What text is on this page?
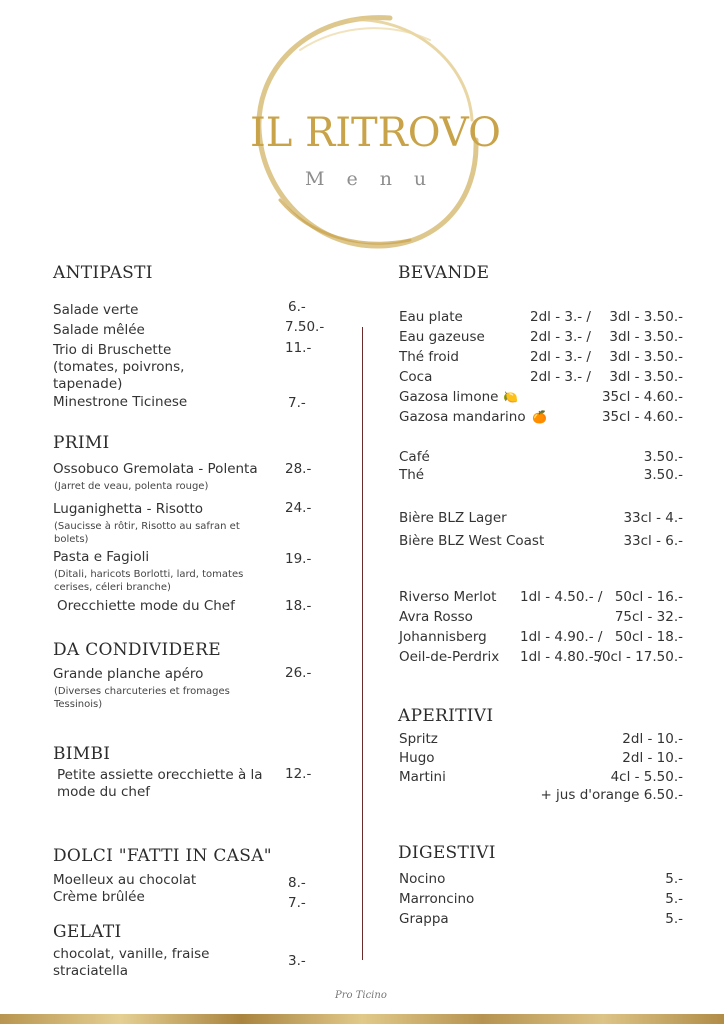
IL RITROVO
Menu
ANTIPASTI
Salade verte	6.-
Salade mêlée	7.50.-
Trio di Bruschette
(tomates, poivrons,
tapenade)
11.-
Minestrone Ticinese	7.-
PRIMI
Ossobuco Gremolata - Polenta
(Jarret de veau, polenta rouge)
28.-
Luganighetta - Risotto
(Saucisse à rôtir, Risotto au safran et
bolets)
24.-
Pasta e Fagioli
(Ditali, haricots Borlotti, lard, tomates
cerises, céleri branche)
19.-
Orecchiette mode du Chef	18.-
DA CONDIVIDERE
Grande planche apéro
(Diverses charcuteries et fromages
Tessinois)
26.-
BIMBI
Petite assiette orecchiette à la
mode du chef
12.-
DOLCI "FATTI IN CASA"
Moelleux au chocolat	8.-
Crème brûlée	7.-
GELATI
chocolat, vanille, fraise
straciatella
3.-
BEVANDE
Eau plate	2dl - 3.- / 3dl - 3.50.-
Eau gazeuse	2dl - 3.- / 3dl - 3.50.-
Thé froid	2dl - 3.- / 3dl - 3.50.-
Coca	2dl - 3.- / 3dl - 3.50.-
Gazosa limone 🍋	35cl - 4.60.-
Gazosa mandarino 🍊	35cl - 4.60.-
Café	3.50.-
Thé	3.50.-
Bière BLZ Lager	33cl - 4.-
Bière BLZ West Coast	33cl - 6.-
Riverso Merlot 1dl - 4.50.- / 50cl - 16.-
Avra Rosso	75cl - 32.-
Johannisberg 1dl - 4.90.- / 50cl - 18.-
Oeil-de-Perdrix 1dl - 4.80.- /
50cl - 17.50.-
APERITIVI
Spritz	2dl - 10.-
Hugo	2dl - 10.-
Martini	4cl - 5.50.-
+ jus d'orange 6.50.-
DIGESTIVI
Nocino	5.-
Marroncino	5.-
Grappa	5.-
Pro Ticino
